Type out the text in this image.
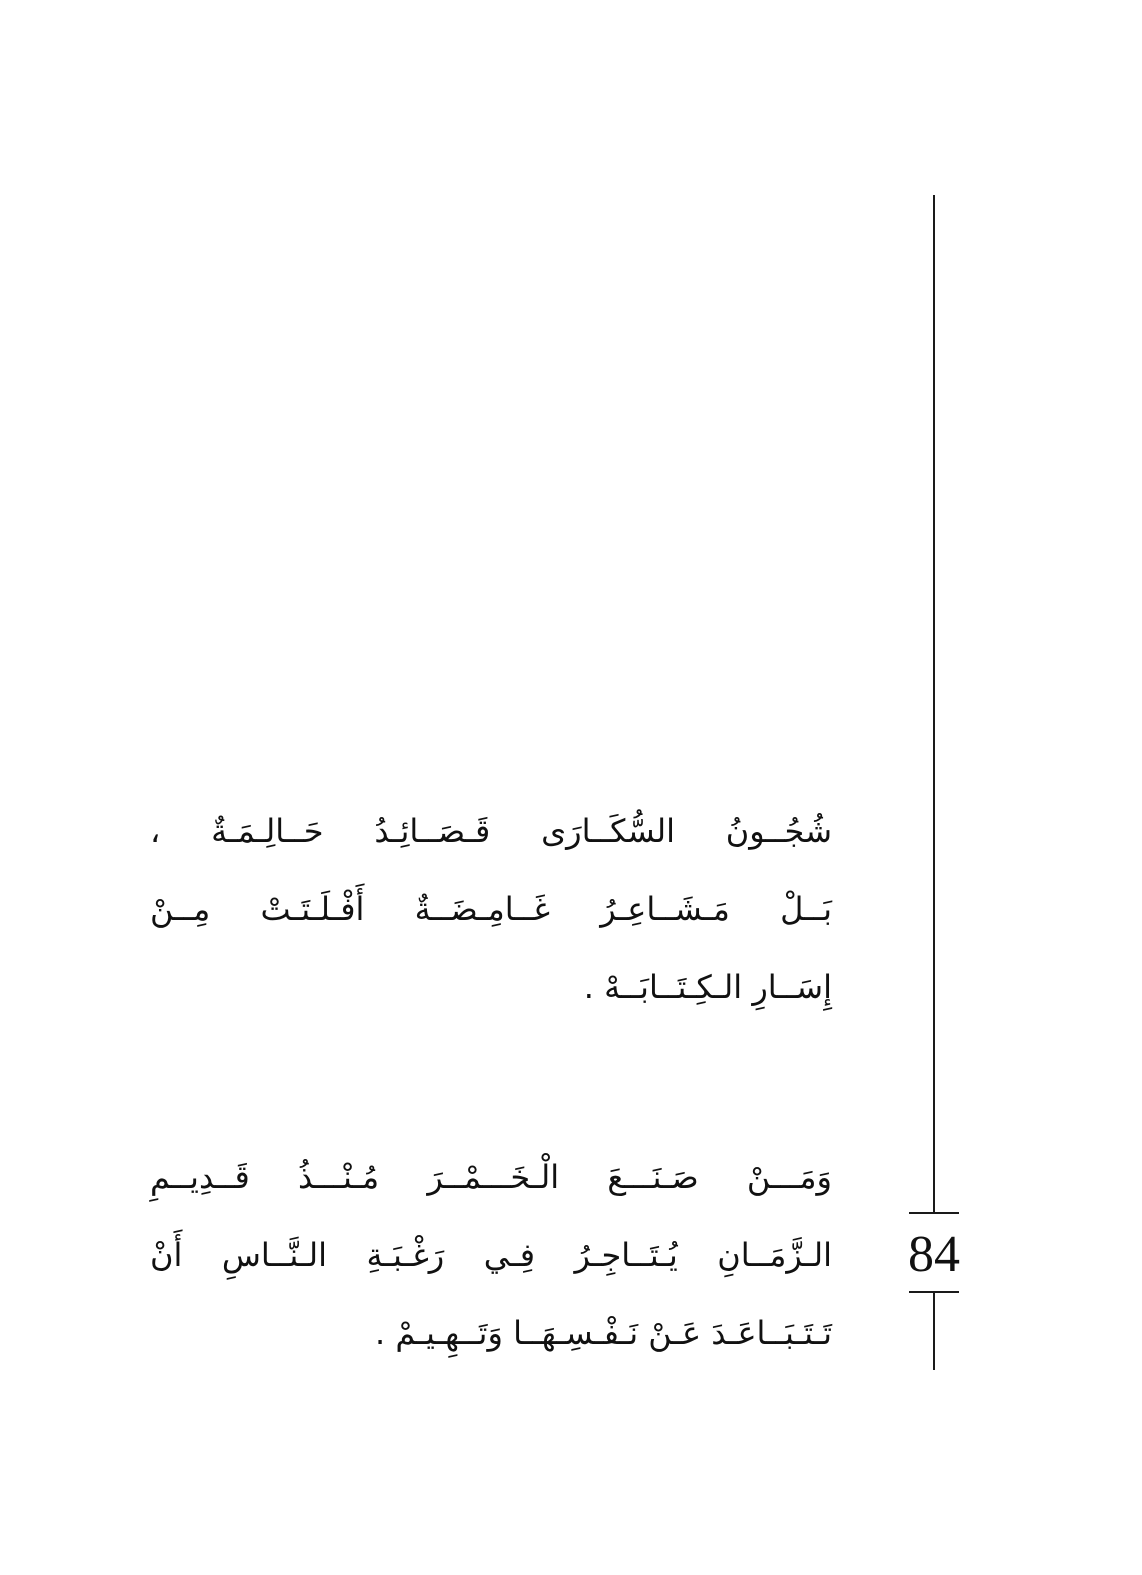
84
شُجُــونُ السُّكَــارَى قَـصَــائِـدُ حَــالِـمَـةٌ ،
بَــلْ مَـشَــاعِـرُ غَــامِـضَــةٌ أَفْـلَـتَـتْ مِــنْ
إِسَــارِ الـكِـتَــابَــهْ .
وَمَـــنْ صَـنَـــعَ الْـخَـــمْــرَ مُـنْـــذُ قَــدِيــمِ
الـزَّمَــانِ يُـتَــاجِـرُ فِـي رَغْـبَـةِ الـنَّــاسِ أَنْ
تَـتَـبَــاعَـدَ عَـنْ نَـفْـسِـهَــا وَتَــهِـيـمْ .
